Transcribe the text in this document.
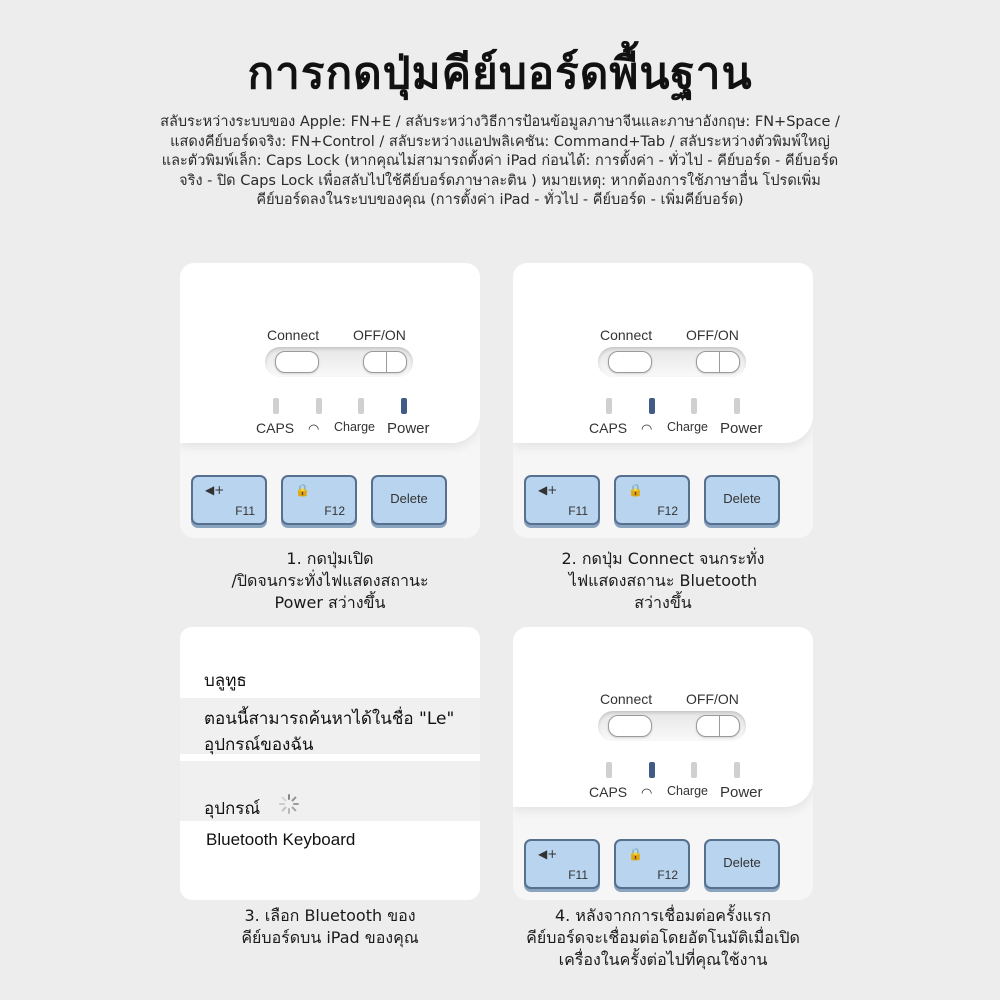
การกดปุ่มคีย์บอร์ดพื้นฐาน
สลับระหว่างระบบของ Apple: FN+E / สลับระหว่างวิธีการป้อนข้อมูลภาษาจีนและภาษาอังกฤษ: FN+Space / แสดงคีย์บอร์ดจริง: FN+Control / สลับระหว่างแอปพลิเคชัน: Command+Tab / สลับระหว่างตัวพิมพ์ใหญ่และตัวพิมพ์เล็ก: Caps Lock (หากคุณไม่สามารถตั้งค่า iPad ก่อนได้: การตั้งค่า - ทั่วไป - คีย์บอร์ด - คีย์บอร์ดจริง - ปิด Caps Lock เพื่อสลับไปใช้คีย์บอร์ดภาษาละติน ) หมายเหตุ: หากต้องการใช้ภาษาอื่น โปรดเพิ่มคีย์บอร์ดลงในระบบของคุณ (การตั้งค่า iPad - ทั่วไป - คีย์บอร์ด - เพิ่มคีย์บอร์ด)
Connect OFF/ON
CAPS ◠ Charge Power
◀+
F11
🔒
F12
Delete
1. กดปุ่มเปิด
/ปิดจนกระทั่งไฟแสดงสถานะ
Power สว่างขึ้น
Connect OFF/ON
CAPS ◠ Charge Power
◀+
F11
🔒
F12
Delete
2. กดปุ่ม Connect จนกระทั่ง
ไฟแสดงสถานะ Bluetooth
สว่างขึ้น
บลูทูธ
ตอนนี้สามารถค้นหาได้ในชื่อ "Le"
อุปกรณ์ของฉัน
อุปกรณ์
Bluetooth Keyboard
3. เลือก Bluetooth ของ
คีย์บอร์ดบน iPad ของคุณ
Connect OFF/ON
CAPS ◠ Charge Power
◀+
F11
🔒
F12
Delete
4. หลังจากการเชื่อมต่อครั้งแรก
คีย์บอร์ดจะเชื่อมต่อโดยอัตโนมัติเมื่อเปิด
เครื่องในครั้งต่อไปที่คุณใช้งาน
